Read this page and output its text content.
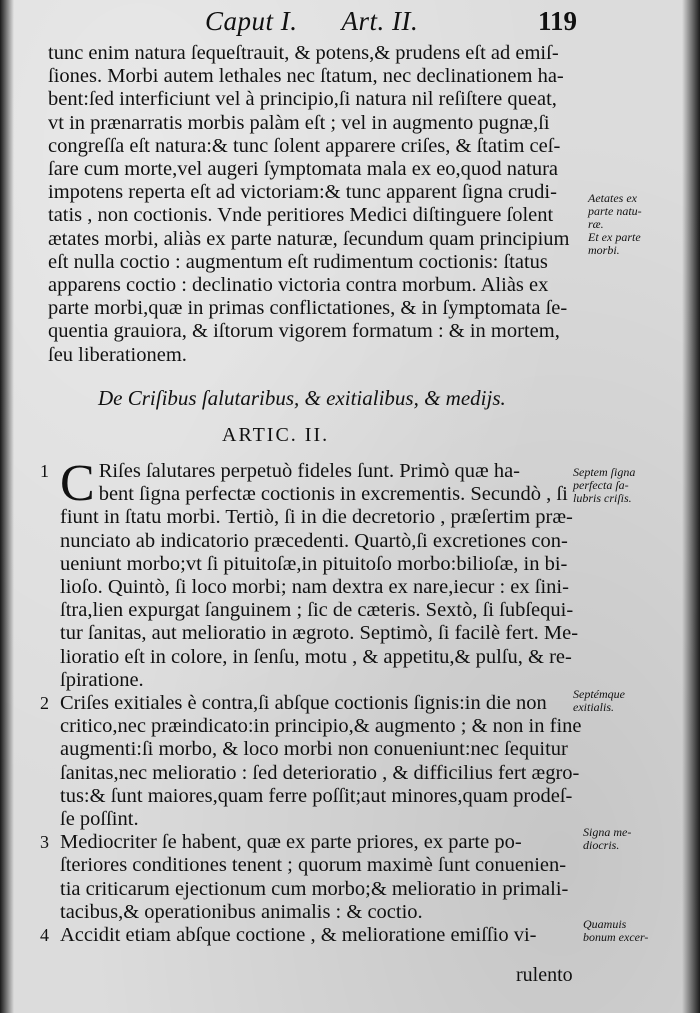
Caput I. Art. II.	119
tunc enim natura ſequeſtrauit, & potens,& prudens eſt ad emiſ-
ſiones. Morbi autem lethales nec ſtatum, nec declinationem ha-
bent:ſed interficiunt vel à principio,ſi natura nil reſiſtere queat,
vt in prænarratis morbis palàm eſt ; vel in augmento pugnæ,ſi
congreſſa eſt natura:& tunc ſolent apparere criſes, & ſtatim ceſ-
ſare cum morte,vel augeri ſymptomata mala ex eo,quod natura
impotens reperta eſt ad victoriam:& tunc apparent ſigna crudi-
tatis , non coctionis. Vnde peritiores Medici diſtinguere ſolent
ætates morbi, aliàs ex parte naturæ, ſecundum quam principium
eſt nulla coctio : augmentum eſt rudimentum coctionis: ſtatus
apparens coctio : declinatio victoria contra morbum. Aliàs ex
parte morbi,quæ in primas conflictationes, & in ſymptomata ſe-
quentia grauiora, & iſtorum vigorem formatum : & in mortem,
ſeu liberationem.
De Criſibus ſalutaribus, & exitialibus, & medijs.
ARTIC. II.
1 C Riſes ſalutares perpetuò fideles ſunt. Primò quæ ha-
bent ſigna perfectæ coctionis in excrementis. Secundò , ſi
fiunt in ſtatu morbi. Tertiò, ſi in die decretorio , præſertim præ-
nunciato ab indicatorio præcedenti. Quartò,ſi excretiones con-
ueniunt morbo;vt ſi pituitoſæ,in pituitoſo morbo:bilioſæ, in bi-
lioſo. Quintò, ſi loco morbi; nam dextra ex nare,iecur : ex ſini-
ſtra,lien expurgat ſanguinem ; ſic de cæteris. Sextò, ſi ſubſequi-
tur ſanitas, aut melioratio in ægroto. Septimò, ſi facilè fert. Me-
lioratio eſt in colore, in ſenſu, motu , & appetitu,& pulſu, & re-
ſpiratione.
2 Criſes exitiales è contra,ſi abſque coctionis ſignis:in die non
critico,nec præindicato:in principio,& augmento ; & non in fine
augmenti:ſi morbo, & loco morbi non conueniunt:nec ſequitur
ſanitas,nec melioratio : ſed deterioratio , & difficilius fert ægro-
tus:& ſunt maiores,quam ferre poſſit;aut minores,quam prodeſ-
ſe poſſint.
3 Mediocriter ſe habent, quæ ex parte priores, ex parte po-
ſteriores conditiones tenent ; quorum maximè ſunt conuenien-
tia criticarum ejectionum cum morbo;& melioratio in primali-
tacibus,& operationibus animalis : & coctio.
4 Accidit etiam abſque coctione , & melioratione emiſſio vi-
rulento
Aetates ex
parte natu-
ræ.
Et ex parte
morbi.
Septem ſigna
perfecta ſa-
lubris criſis.
Septémque
exitialis.
Signa me-
diocris.
Quamuis
bonum excer-
